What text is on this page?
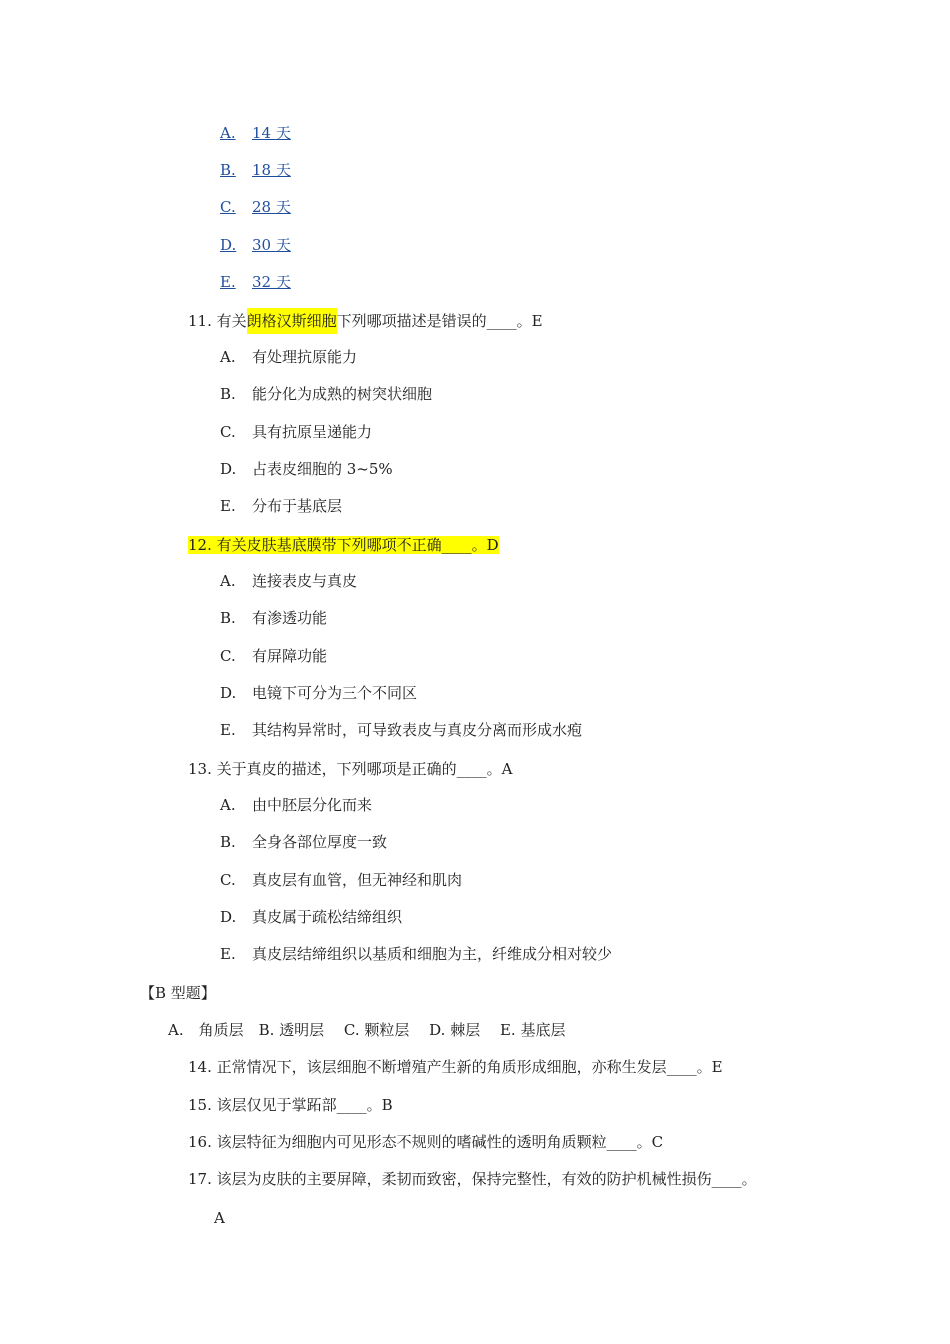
A. 14 天
B. 18 天
C. 28 天
D. 30 天
E. 32 天
11. 有关朗格汉斯细胞下列哪项描述是错误的____。E
A. 有处理抗原能力
B. 能分化为成熟的树突状细胞
C. 具有抗原呈递能力
D. 占表皮细胞的 3~5%
E. 分布于基底层
12. 有关皮肤基底膜带下列哪项不正确____。D
A. 连接表皮与真皮
B. 有渗透功能
C. 有屏障功能
D. 电镜下可分为三个不同区
E. 其结构异常时，可导致表皮与真皮分离而形成水疱
13. 关于真皮的描述，下列哪项是正确的____。A
A. 由中胚层分化而来
B. 全身各部位厚度一致
C. 真皮层有血管，但无神经和肌肉
D. 真皮属于疏松结缔组织
E. 真皮层结缔组织以基质和细胞为主，纤维成分相对较少
【B 型题】
A.　角质层　B. 透明层　 C. 颗粒层　 D. 棘层　 E. 基底层
14. 正常情况下，该层细胞不断增殖产生新的角质形成细胞，亦称生发层____。E
15. 该层仅见于掌跖部____。B
16. 该层特征为细胞内可见形态不规则的嗜碱性的透明角质颗粒____。C
17. 该层为皮肤的主要屏障，柔韧而致密，保持完整性，有效的防护机械性损伤____。
A
